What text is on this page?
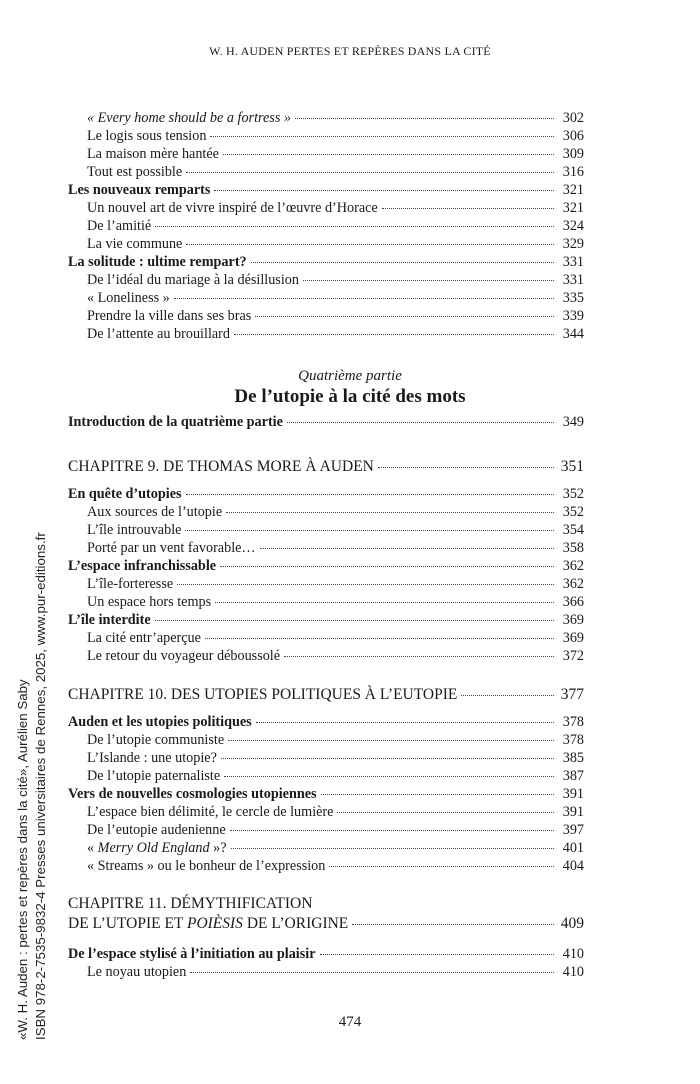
W. H. AUDEN PERTES ET REPÈRES DANS LA CITÉ
« Every home should be a fortress »	302
Le logis sous tension	306
La maison mère hantée	309
Tout est possible	316
Les nouveaux remparts	321
Un nouvel art de vivre inspiré de l’œuvre d’Horace	321
De l’amitié	324
La vie commune	329
La solitude : ultime rempart?	331
De l’idéal du mariage à la désillusion	331
« Loneliness »	335
Prendre la ville dans ses bras	339
De l’attente au brouillard	344
Introduction de la quatrième partie	349
CHAPITRE 9. DE THOMAS MORE À AUDEN	351
En quête d’utopies	352
Aux sources de l’utopie	352
L’île introuvable	354
Porté par un vent favorable…	358
L’espace infranchissable	362
L’île-forteresse	362
Un espace hors temps	366
L’île interdite	369
La cité entr’aperçue	369
Le retour du voyageur déboussolé	372
CHAPITRE 10. DES UTOPIES POLITIQUES À L’EUTOPIE	377
Auden et les utopies politiques	378
De l’utopie communiste	378
L’Islande : une utopie?	385
De l’utopie paternaliste	387
Vers de nouvelles cosmologies utopiennes	391
L’espace bien délimité, le cercle de lumière	391
De l’eutopie audenienne	397
« Merry Old England »?	401
« Streams » ou le bonheur de l’expression	404
De l’espace stylisé à l’initiation au plaisir	410
Le noyau utopien	410
Quatrième partie
De l’utopie à la cité des mots
CHAPITRE 11. DÉMYTHIFICATION
DE L’UTOPIE ET POIÈSIS DE L’ORIGINE	409
«W. H. Auden : pertes et repères dans la cité», Aurélien Saby ISBN 978-2-7535-9832-4 Presses universitaires de Rennes, 2025, www.pur-editions.fr	474
